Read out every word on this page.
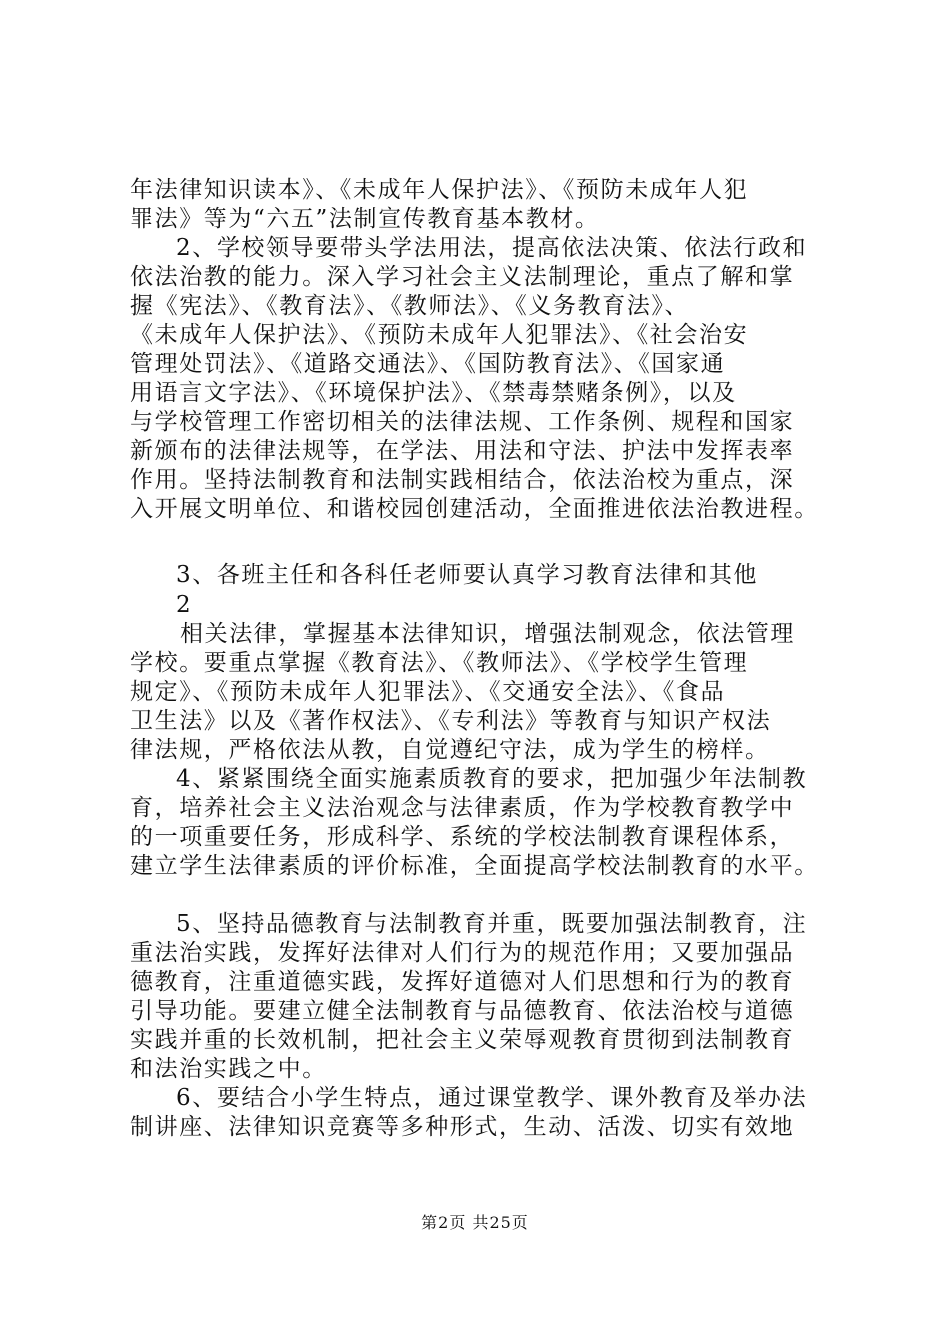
年法律知识读本》、《未成年人保护法》、《预防未成年人犯
罪法》等为“六五”法制宣传教育基本教材。
2、学校领导要带头学法用法，提高依法决策、依法行政和
依法治教的能力。深入学习社会主义法制理论，重点了解和掌
握《宪法》、《教育法》、《教师法》、《义务教育法》、
《未成年人保护法》、《预防未成年人犯罪法》、《社会治安
管理处罚法》、《道路交通法》、《国防教育法》、《国家通
用语言文字法》、《环境保护法》、《禁毒禁赌条例》，以及
与学校管理工作密切相关的法律法规、工作条例、规程和国家
新颁布的法律法规等，在学法、用法和守法、护法中发挥表率
作用。坚持法制教育和法制实践相结合，依法治校为重点，深
入开展文明单位、和谐校园创建活动，全面推进依法治教进程。
3、各班主任和各科任老师要认真学习教育法律和其他
2
相关法律，掌握基本法律知识，增强法制观念，依法管理
学校。要重点掌握《教育法》、《教师法》、《学校学生管理
规定》、《预防未成年人犯罪法》、《交通安全法》、《食品
卫生法》以及《著作权法》、《专利法》等教育与知识产权法
律法规，严格依法从教，自觉遵纪守法，成为学生的榜样。
4、紧紧围绕全面实施素质教育的要求，把加强少年法制教
育，培养社会主义法治观念与法律素质，作为学校教育教学中
的一项重要任务，形成科学、系统的学校法制教育课程体系，
建立学生法律素质的评价标准，全面提高学校法制教育的水平。
5、坚持品德教育与法制教育并重，既要加强法制教育，注
重法治实践，发挥好法律对人们行为的规范作用；又要加强品
德教育，注重道德实践，发挥好道德对人们思想和行为的教育
引导功能。要建立健全法制教育与品德教育、依法治校与道德
实践并重的长效机制，把社会主义荣辱观教育贯彻到法制教育
和法治实践之中。
6、要结合小学生特点，通过课堂教学、课外教育及举办法
制讲座、法律知识竞赛等多种形式，生动、活泼、切实有效地
第2页 共25页
